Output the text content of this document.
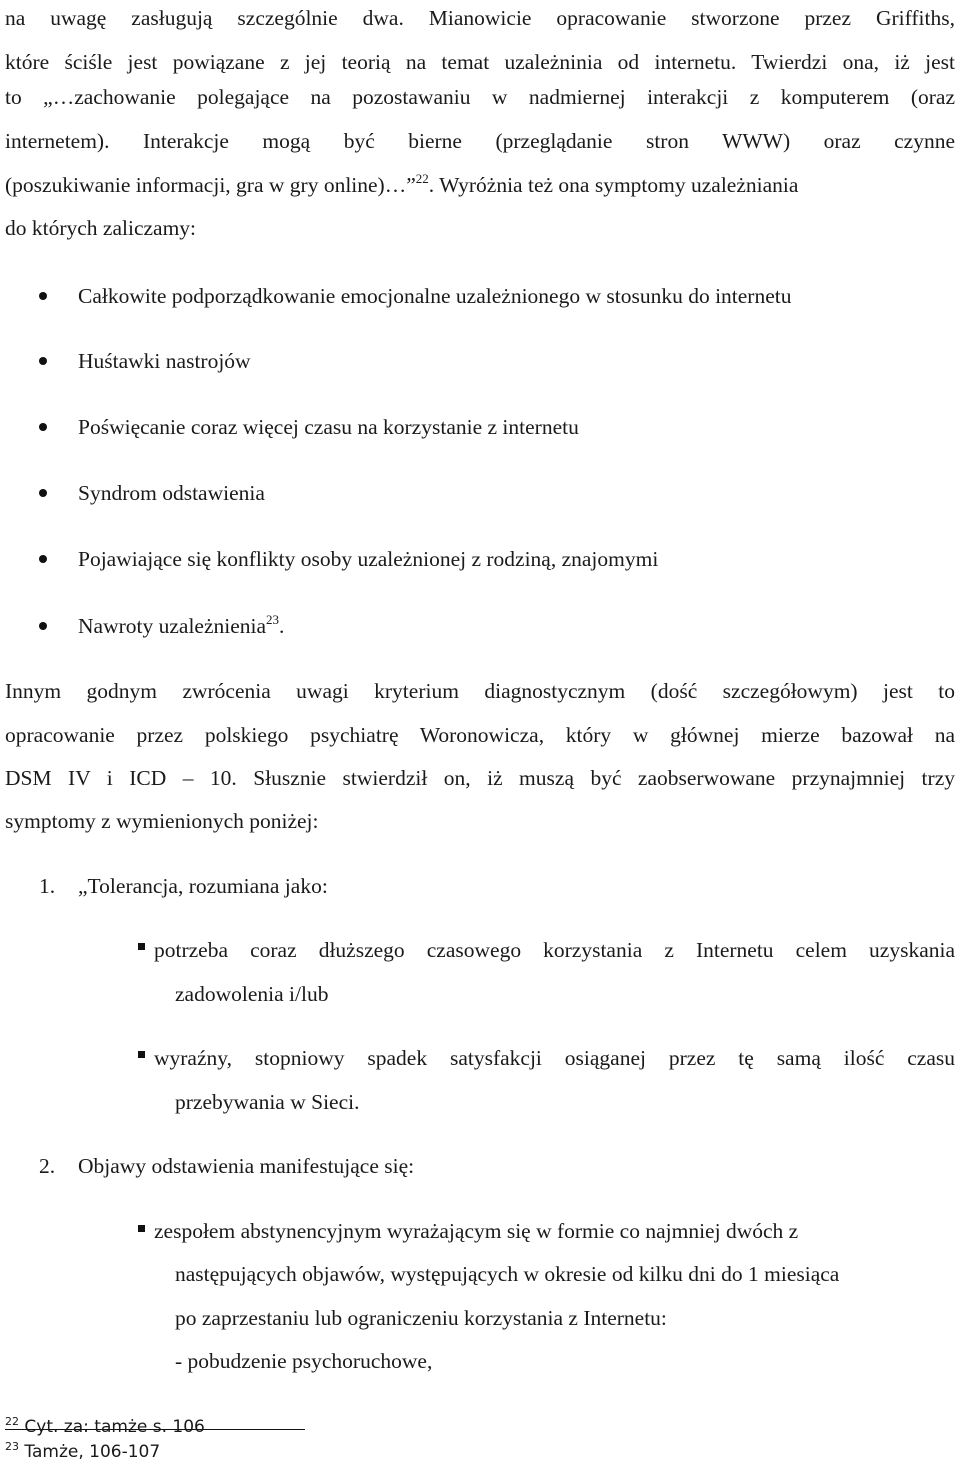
na uwagę zasługują szczególnie dwa. Mianowicie opracowanie stworzone przez Griffiths,
które ściśle jest powiązane z jej teorią na temat uzależninia od internetu. Twierdzi ona, iż jest
to „…zachowanie polegające na pozostawaniu w nadmiernej interakcji z komputerem (oraz
internetem). Interakcje mogą być bierne (przeglądanie stron WWW) oraz czynne
(poszukiwanie informacji, gra w gry online)…”$^{22}$. Wyróżnia też ona symptomy uzależniania
do których zaliczamy:
Całkowite podporządkowanie emocjonalne uzależnionego w stosunku do internetu
Huśtawki nastrojów
Poświęcanie coraz więcej czasu na korzystanie z internetu
Syndrom odstawienia
Pojawiające się konflikty osoby uzależnionej z rodziną, znajomymi
Nawroty uzależnienia$^{23}$.
Innym godnym zwrócenia uwagi kryterium diagnostycznym (dość szczegółowym) jest to
opracowanie przez polskiego psychiatrę Woronowicza, który w głównej mierze bazował na
DSM IV i ICD – 10. Słusznie stwierdził on, iż muszą być zaobserwowane przynajmniej trzy
symptomy z wymienionych poniżej:
1. „Tolerancja, rozumiana jako:
potrzeba coraz dłuższego czasowego korzystania z Internetu celem uzyskania
zadowolenia i/lub
wyraźny, stopniowy spadek satysfakcji osiąganej przez tę samą ilość czasu
przebywania w Sieci.
2. Objawy odstawienia manifestujące się:
zespołem abstynencyjnym wyrażającym się w formie co najmniej dwóch z
następujących objawów, występujących w okresie od kilku dni do 1 miesiąca
po zaprzestaniu lub ograniczeniu korzystania z Internetu:
- pobudzenie psychoruchowe,
$^{22}$ Cyt. za: tamże s. 106
$^{23}$ Tamże, 106-107
